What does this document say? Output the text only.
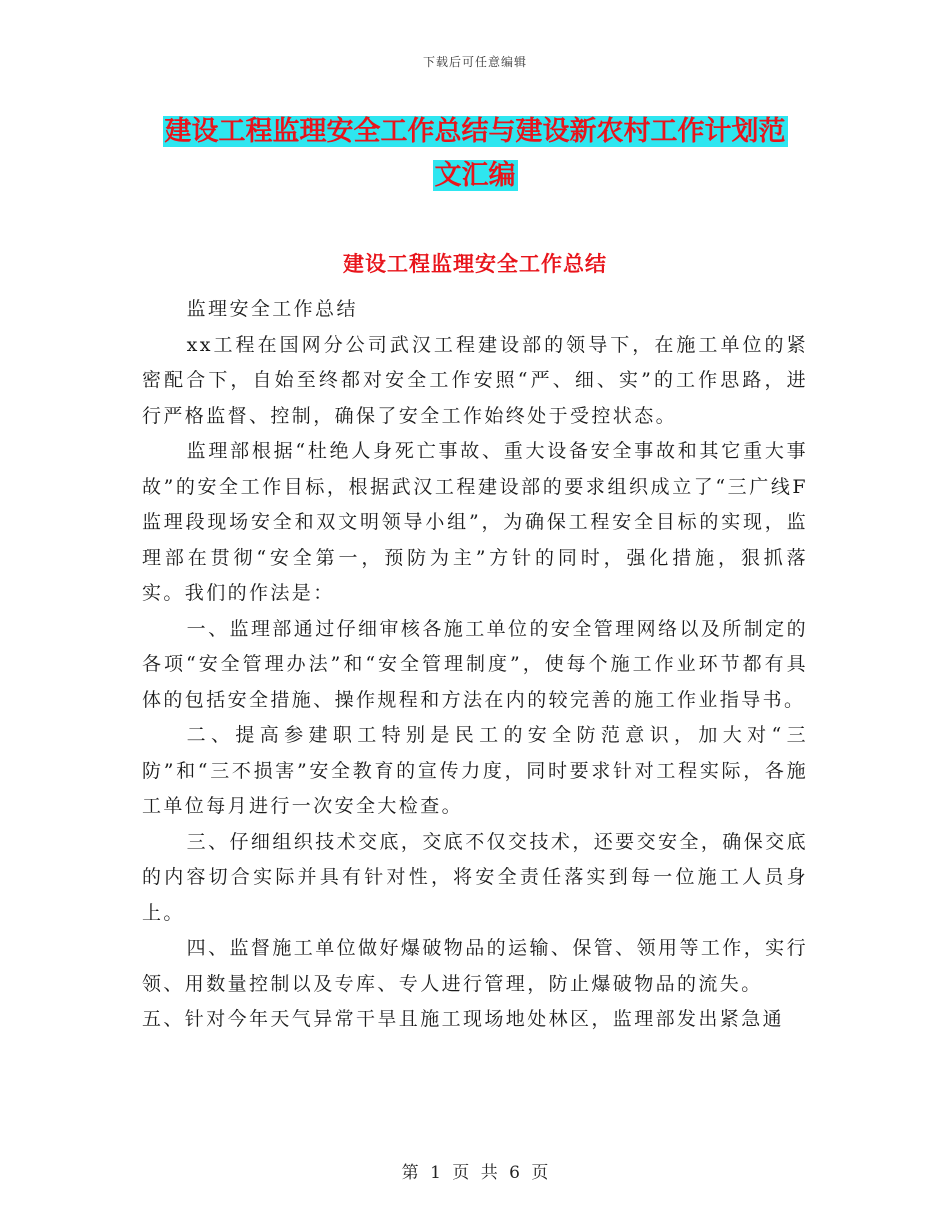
下载后可任意编辑
建设工程监理安全工作总结与建设新农村工作计划范
文汇编
建设工程监理安全工作总结

监理安全工作总结

xx工程在国网分公司武汉工程建设部的领导下，在施工单位的紧密配合下，自始至终都对安全工作安照“严、细、实”的工作思路，进行严格监督、控制，确保了安全工作始终处于受控状态。

监理部根据“杜绝人身死亡事故、重大设备安全事故和其它重大事故”的安全工作目标，根据武汉工程建设部的要求组织成立了“三广线F监理段现场安全和双文明领导小组”，为确保工程安全目标的实现，监理部在贯彻“安全第一，预防为主”方针的同时，强化措施，狠抓落实。我们的作法是：

一、监理部通过仔细审核各施工单位的安全管理网络以及所制定的各项“安全管理办法”和“安全管理制度”，使每个施工作业环节都有具体的包括安全措施、操作规程和方法在内的较完善的施工作业指导书。

二、提高参建职工特别是民工的安全防范意识，加大对“三防”和“三不损害”安全教育的宣传力度，同时要求针对工程实际，各施工单位每月进行一次安全大检查。

三、仔细组织技术交底，交底不仅交技术，还要交安全，确保交底的内容切合实际并具有针对性，将安全责任落实到每一位施工人员身上。

四、监督施工单位做好爆破物品的运输、保管、领用等工作，实行领、用数量控制以及专库、专人进行管理，防止爆破物品的流失。

五、针对今年天气异常干旱且施工现场地处林区，监理部发出紧急通

第 1 页 共 6 页
